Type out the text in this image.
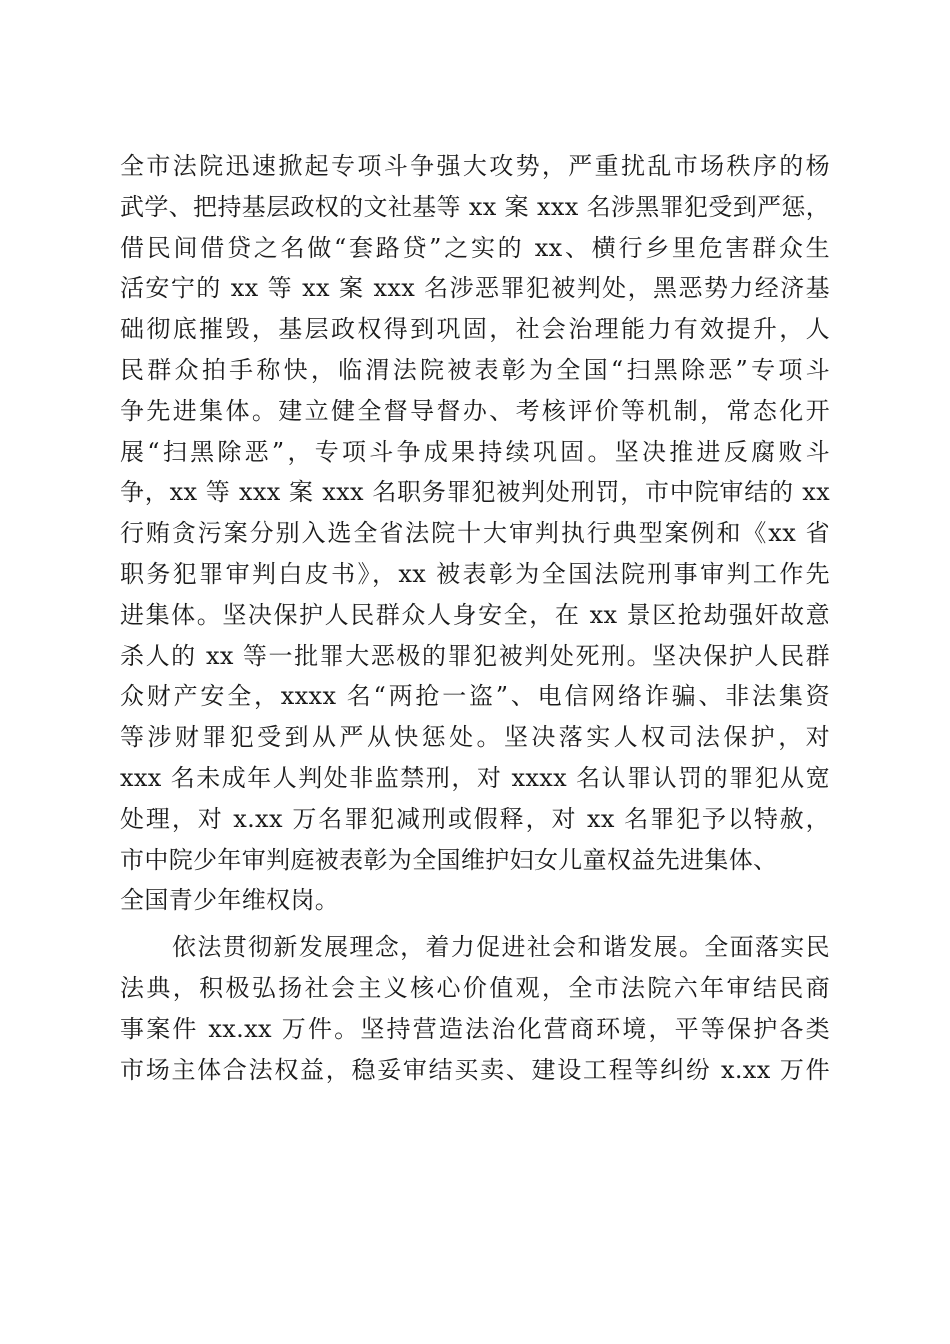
全市法院迅速掀起专项斗争强大攻势，严重扰乱市场秩序的杨
武学、把持基层政权的文社基等 xx 案 xxx 名涉黑罪犯受到严惩，
借民间借贷之名做“套路贷”之实的 xx、横行乡里危害群众生
活安宁的 xx 等 xx 案 xxx 名涉恶罪犯被判处，黑恶势力经济基
础彻底摧毁，基层政权得到巩固，社会治理能力有效提升，人
民群众拍手称快，临渭法院被表彰为全国“扫黑除恶”专项斗
争先进集体。建立健全督导督办、考核评价等机制，常态化开
展“扫黑除恶”，专项斗争成果持续巩固。坚决推进反腐败斗
争，xx 等 xxx 案 xxx 名职务罪犯被判处刑罚，市中院审结的 xx
行贿贪污案分别入选全省法院十大审判执行典型案例和《xx 省
职务犯罪审判白皮书》，xx 被表彰为全国法院刑事审判工作先
进集体。坚决保护人民群众人身安全，在 xx 景区抢劫强奸故意
杀人的 xx 等一批罪大恶极的罪犯被判处死刑。坚决保护人民群
众财产安全，xxxx 名“两抢一盗”、电信网络诈骗、非法集资
等涉财罪犯受到从严从快惩处。坚决落实人权司法保护，对
xxx 名未成年人判处非监禁刑，对 xxxx 名认罪认罚的罪犯从宽
处理，对 x.xx 万名罪犯减刑或假释，对 xx 名罪犯予以特赦，
市中院少年审判庭被表彰为全国维护妇女儿童权益先进集体、
全国青少年维权岗。
依法贯彻新发展理念，着力促进社会和谐发展。全面落实民
法典，积极弘扬社会主义核心价值观，全市法院六年审结民商
事案件 xx.xx 万件。坚持营造法治化营商环境，平等保护各类
市场主体合法权益，稳妥审结买卖、建设工程等纠纷 x.xx 万件
